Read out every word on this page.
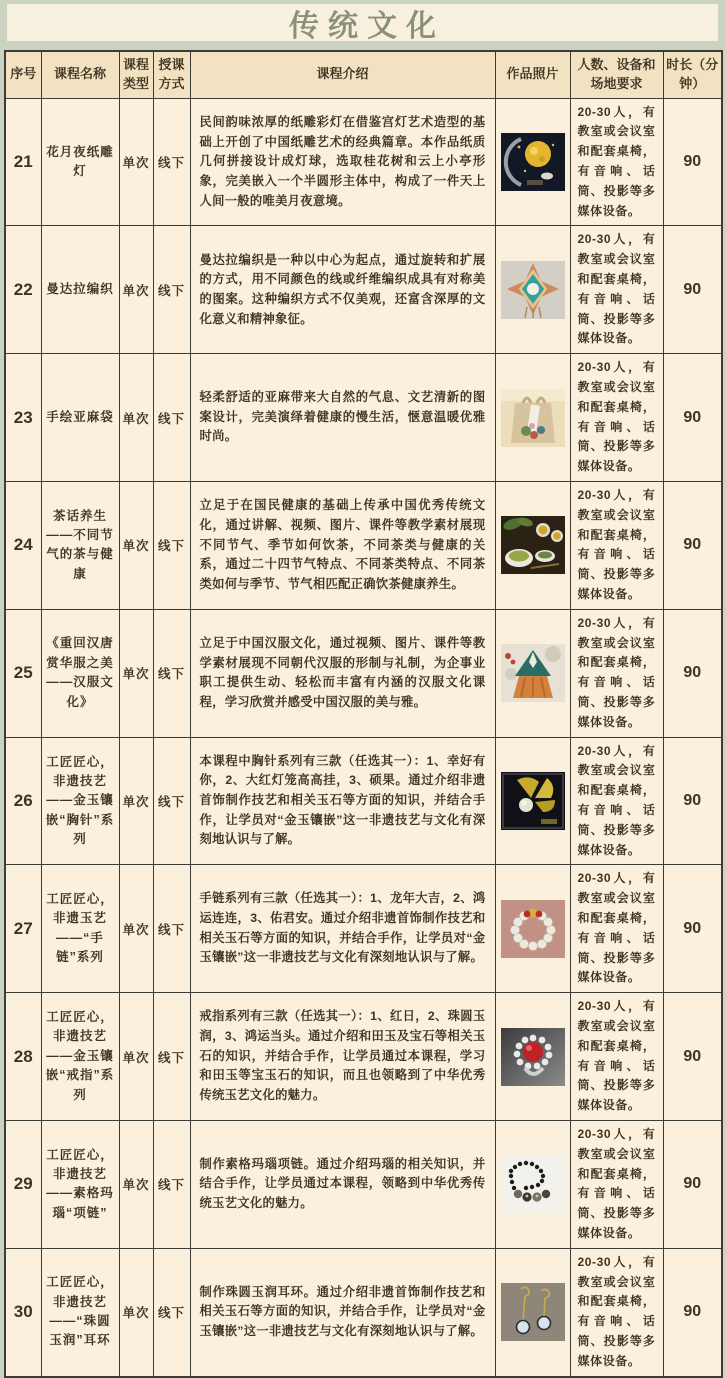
传统文化
序号	课程名称	课程类型	授课方式	课程介绍	作品照片	人数、设备和场地要求	时长（分钟）
21	花月夜纸雕灯	单次	线下	民间韵味浓厚的纸雕彩灯在借鉴宫灯艺术造型的基础上开创了中国纸雕艺术的经典篇章。本作品纸质几何拼接设计成灯球，选取桂花树和云上小亭形象，完美嵌入一个半圆形主体中，构成了一件天上人间一般的唯美月夜意境。		20-30人，有教室或会议室和配套桌椅，有音响、话筒、投影等多媒体设备。	90
22	曼达拉编织	单次	线下	曼达拉编织是一种以中心为起点，通过旋转和扩展的方式，用不同颜色的线或纤维编织成具有对称美的图案。这种编织方式不仅美观，还富含深厚的文化意义和精神象征。		20-30人，有教室或会议室和配套桌椅，有音响、话筒、投影等多媒体设备。	90
23	手绘亚麻袋	单次	线下	轻柔舒适的亚麻带来大自然的气息、文艺清新的图案设计，完美演绎着健康的慢生活，惬意温暖优雅时尚。		20-30人，有教室或会议室和配套桌椅，有音响、话筒、投影等多媒体设备。	90
24	茶话养生——不同节气的茶与健康	单次	线下	立足于在国民健康的基础上传承中国优秀传统文化，通过讲解、视频、图片、课件等教学素材展现不同节气、季节如何饮茶，不同茶类与健康的关系，通过二十四节气特点、不同茶类特点、不同茶类如何与季节、节气相匹配正确饮茶健康养生。		20-30人，有教室或会议室和配套桌椅，有音响、话筒、投影等多媒体设备。	90
25	《重回汉唐赏华服之美——汉服文化》	单次	线下	立足于中国汉服文化，通过视频、图片、课件等教学素材展现不同朝代汉服的形制与礼制，为企事业职工提供生动、轻松而丰富有内涵的汉服文化课程，学习欣赏并感受中国汉服的美与雅。		20-30人，有教室或会议室和配套桌椅，有音响、话筒、投影等多媒体设备。	90
26	工匠匠心，非遗技艺——金玉镶嵌“胸针”系列	单次	线下	本课程中胸针系列有三款（任选其一）：1、幸好有你，2、大红灯笼高高挂，3、硕果。通过介绍非遗首饰制作技艺和相关玉石等方面的知识，并结合手作，让学员对“金玉镶嵌”这一非遗技艺与文化有深刻地认识与了解。		20-30人，有教室或会议室和配套桌椅，有音响、话筒、投影等多媒体设备。	90
27	工匠匠心，非遗玉艺——“手链”系列	单次	线下	手链系列有三款（任选其一）：1、龙年大吉，2、鸿运连连，3、佑君安。通过介绍非遗首饰制作技艺和相关玉石等方面的知识，并结合手作，让学员对“金玉镶嵌”这一非遗技艺与文化有深刻地认识与了解。		20-30人，有教室或会议室和配套桌椅，有音响、话筒、投影等多媒体设备。	90
28	工匠匠心，非遗技艺——金玉镶嵌“戒指”系列	单次	线下	戒指系列有三款（任选其一）：1、红日，2、珠圆玉润，3、鸿运当头。通过介绍和田玉及宝石等相关玉石的知识，并结合手作，让学员通过本课程，学习和田玉等宝玉石的知识，而且也领略到了中华优秀传统玉艺文化的魅力。		20-30人，有教室或会议室和配套桌椅，有音响、话筒、投影等多媒体设备。	90
29	工匠匠心，非遗技艺——素格玛瑙“项链”	单次	线下	制作素格玛瑙项链。通过介绍玛瑙的相关知识，并结合手作，让学员通过本课程，领略到中华优秀传统玉艺文化的魅力。		20-30人，有教室或会议室和配套桌椅，有音响、话筒、投影等多媒体设备。	90
30	工匠匠心，非遗技艺——“珠圆玉润”耳环	单次	线下	制作珠圆玉润耳环。通过介绍非遗首饰制作技艺和相关玉石等方面的知识，并结合手作，让学员对“金玉镶嵌”这一非遗技艺与文化有深刻地认识与了解。		20-30人，有教室或会议室和配套桌椅，有音响、话筒、投影等多媒体设备。	90
